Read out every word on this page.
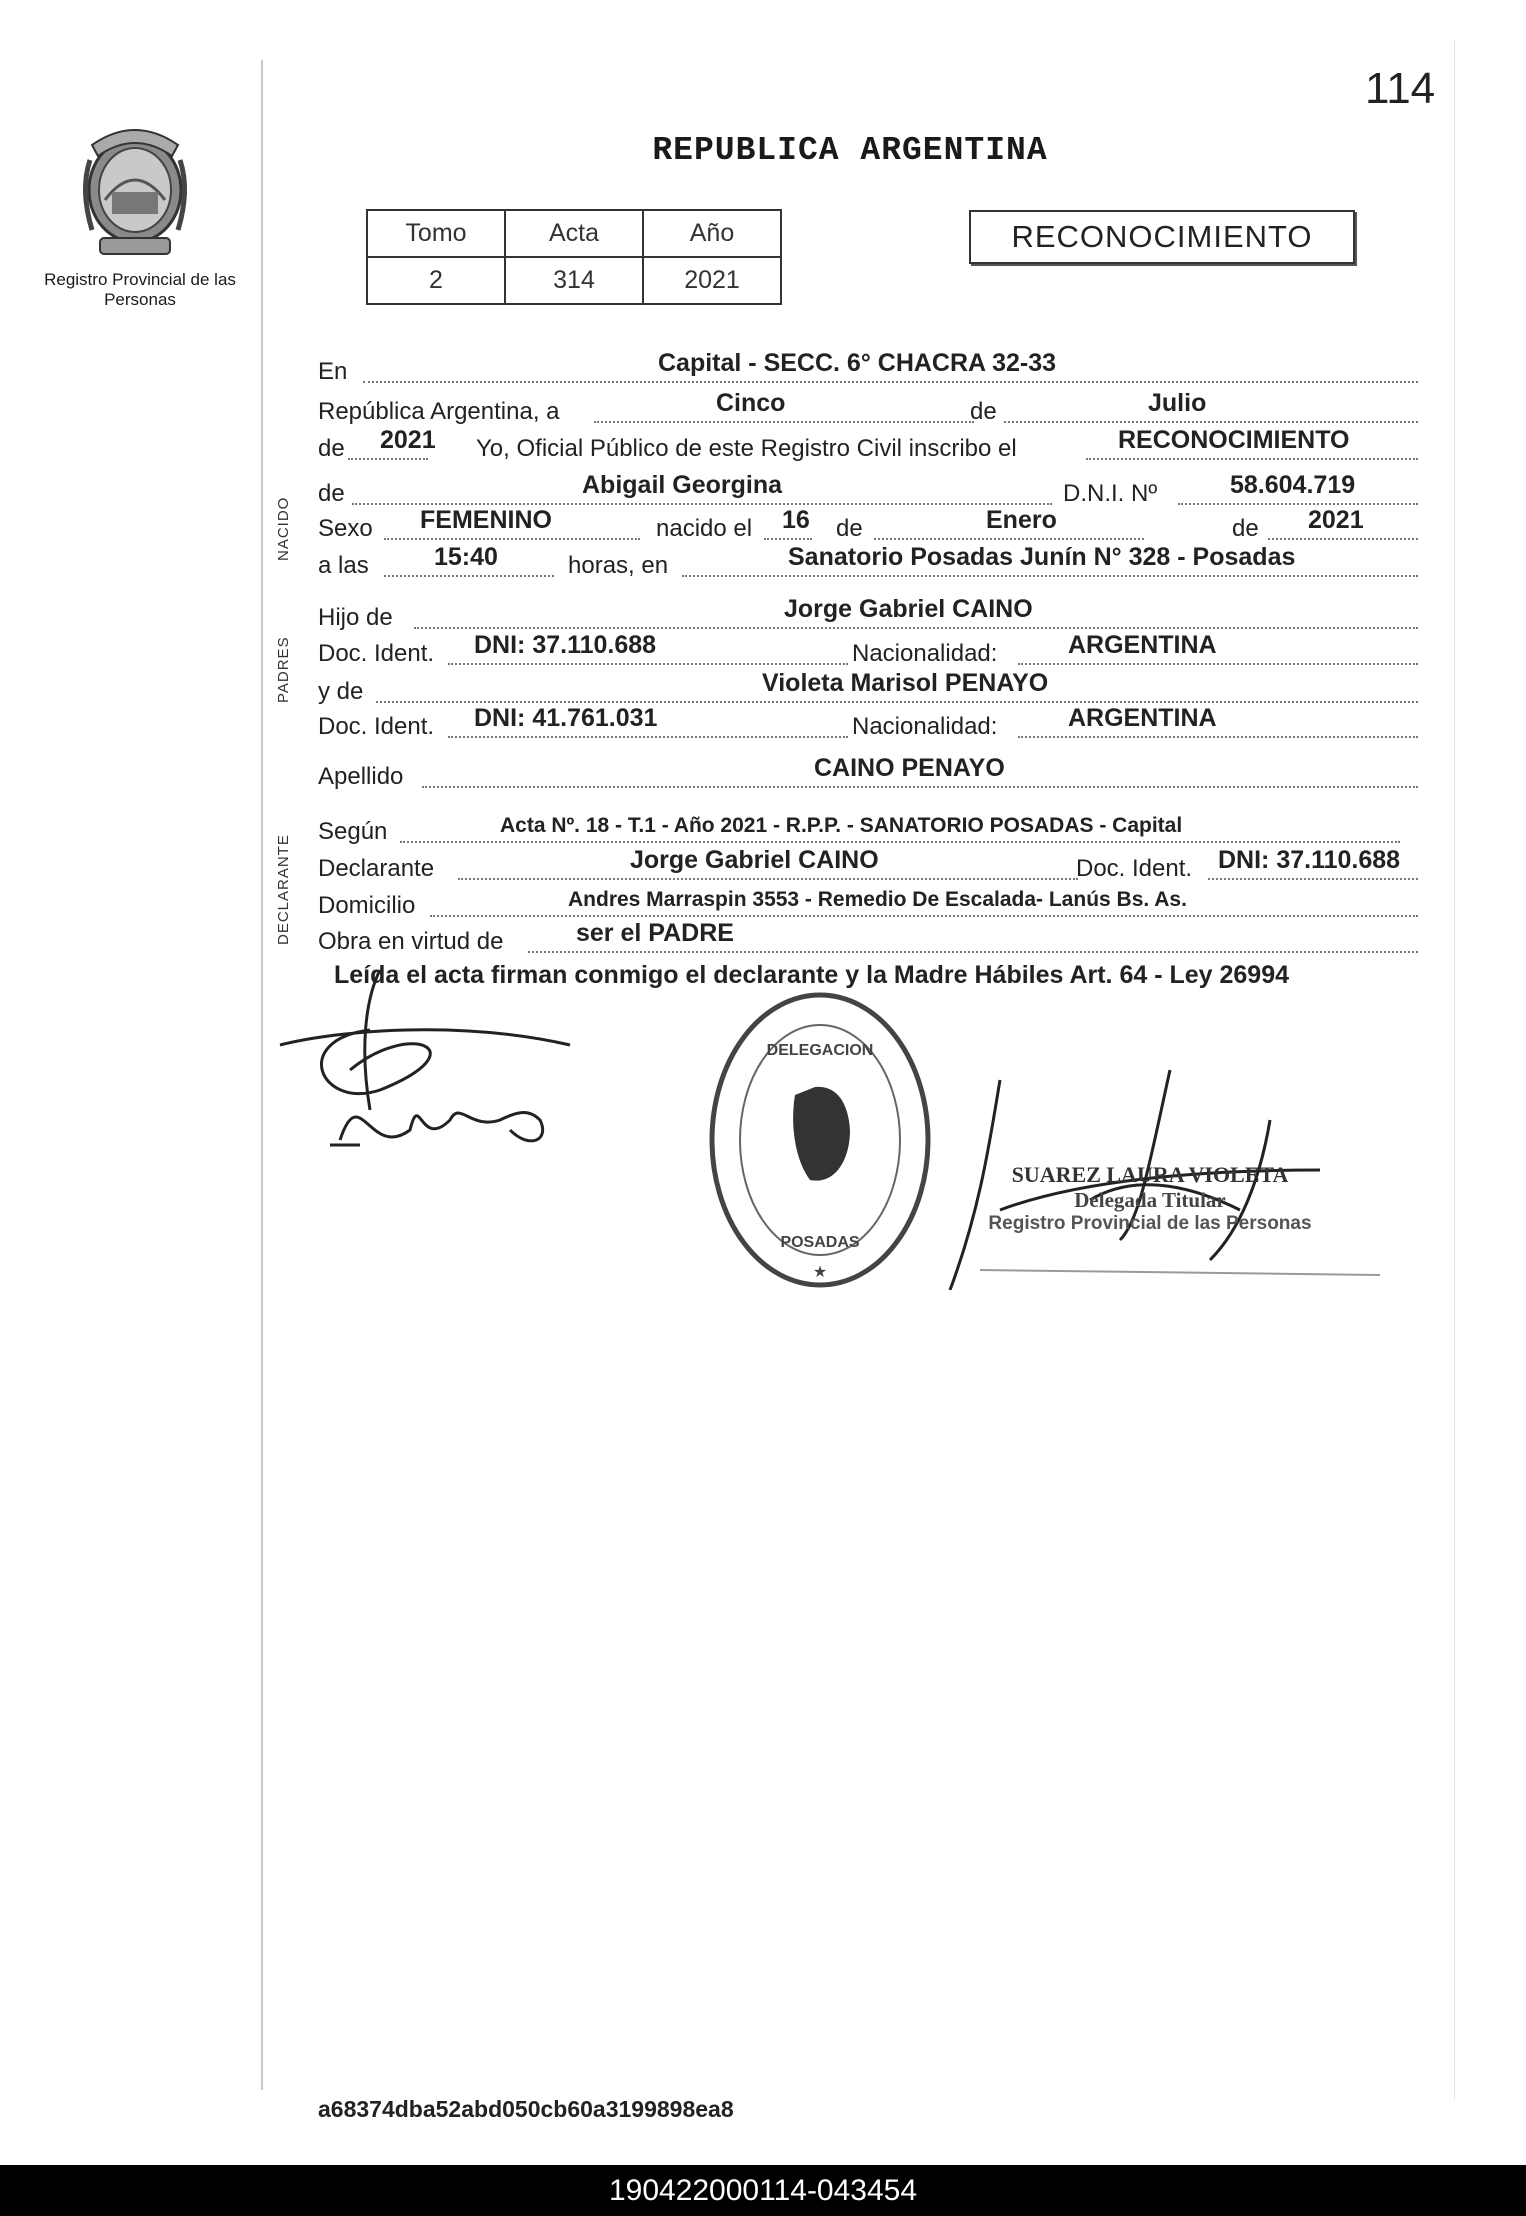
114
Registro Provincial de las Personas
REPUBLICA ARGENTINA
Tomo	Acta	Año
2	314	2021
RECONOCIMIENTO
NACIDO
PADRES
DECLARANTE
En	Capital - SECC. 6° CHACRA 32-33
República Argentina, a	Cinco	de	Julio
de 2021 Yo, Oficial Público de este Registro Civil inscribo el	RECONOCIMIENTO
de	Abigail Georgina	D.N.I. Nº	58.604.719
Sexo FEMENINO	nacido el 16 de	Enero	de 2021
a las	15:40	horas, en	Sanatorio Posadas Junín N° 328 - Posadas
Hijo de	Jorge Gabriel CAINO
Doc. Ident. DNI: 37.110.688	Nacionalidad:	ARGENTINA
y de	Violeta Marisol PENAYO
Doc. Ident. DNI: 41.761.031	Nacionalidad:	ARGENTINA
Apellido	CAINO PENAYO
Según	Acta Nº. 18 - T.1 - Año 2021 - R.P.P. - SANATORIO POSADAS - Capital
Declarante	Jorge Gabriel CAINO	Doc. Ident. DNI: 37.110.688
Domicilio	Andres Marraspin 3553 - Remedio De Escalada- Lanús Bs. As.
Obra en virtud de	ser el PADRE
Leída el acta firman conmigo el declarante y la Madre Hábiles Art. 64 - Ley 26994
DELEGACION
POSADAS
★
SUAREZ LAURA VIOLETA
Delegada Titular
Registro Provincial de las Personas
a68374dba52abd050cb60a3199898ea8
190422000114-043454
